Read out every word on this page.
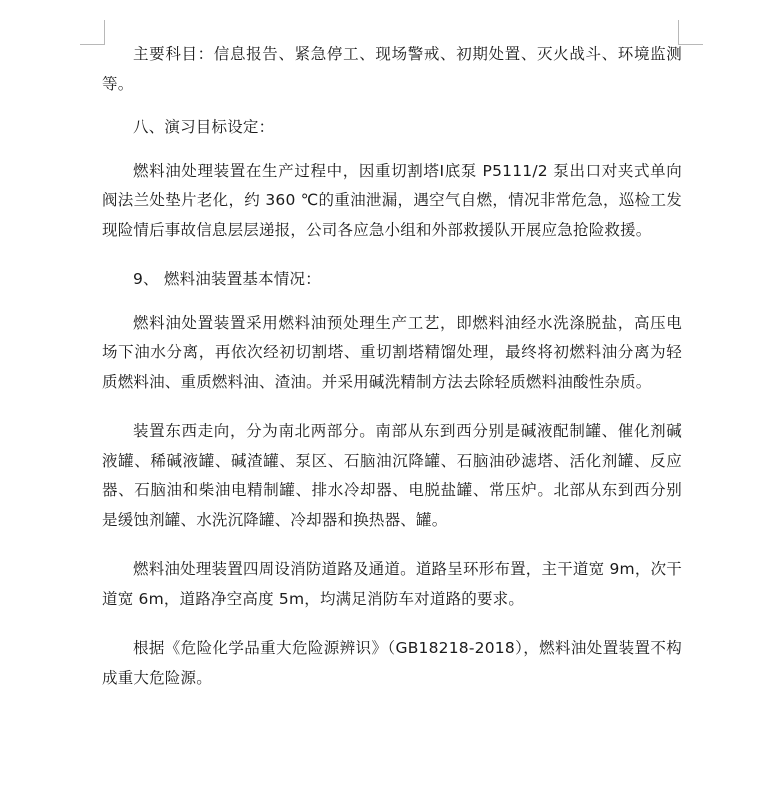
主要科目：信息报告、紧急停工、现场警戒、初期处置、灭火战斗、环境监测等。

八、演习目标设定：

燃料油处理装置在生产过程中，因重切割塔Ⅰ底泵 P5111/2 泵出口对夹式单向阀法兰处垫片老化，约 360 ℃的重油泄漏，遇空气自燃，情况非常危急，巡检工发现险情后事故信息层层递报，公司各应急小组和外部救援队开展应急抢险救援。

9、 燃料油装置基本情况：

燃料油处置装置采用燃料油预处理生产工艺，即燃料油经水洗涤脱盐，高压电场下油水分离，再依次经初切割塔、重切割塔精馏处理，最终将初燃料油分离为轻质燃料油、重质燃料油、渣油。并采用碱洗精制方法去除轻质燃料油酸性杂质。

装置东西走向，分为南北两部分。南部从东到西分别是碱液配制罐、催化剂碱液罐、稀碱液罐、碱渣罐、泵区、石脑油沉降罐、石脑油砂滤塔、活化剂罐、反应器、石脑油和柴油电精制罐、排水冷却器、电脱盐罐、常压炉。北部从东到西分别是缓蚀剂罐、水洗沉降罐、冷却器和换热器、罐。

燃料油处理装置四周设消防道路及通道。道路呈环形布置，主干道宽 9m，次干道宽 6m，道路净空高度 5m，均满足消防车对道路的要求。

根据《危险化学品重大危险源辨识》（GB18218-2018），燃料油处置装置不构成重大危险源。
